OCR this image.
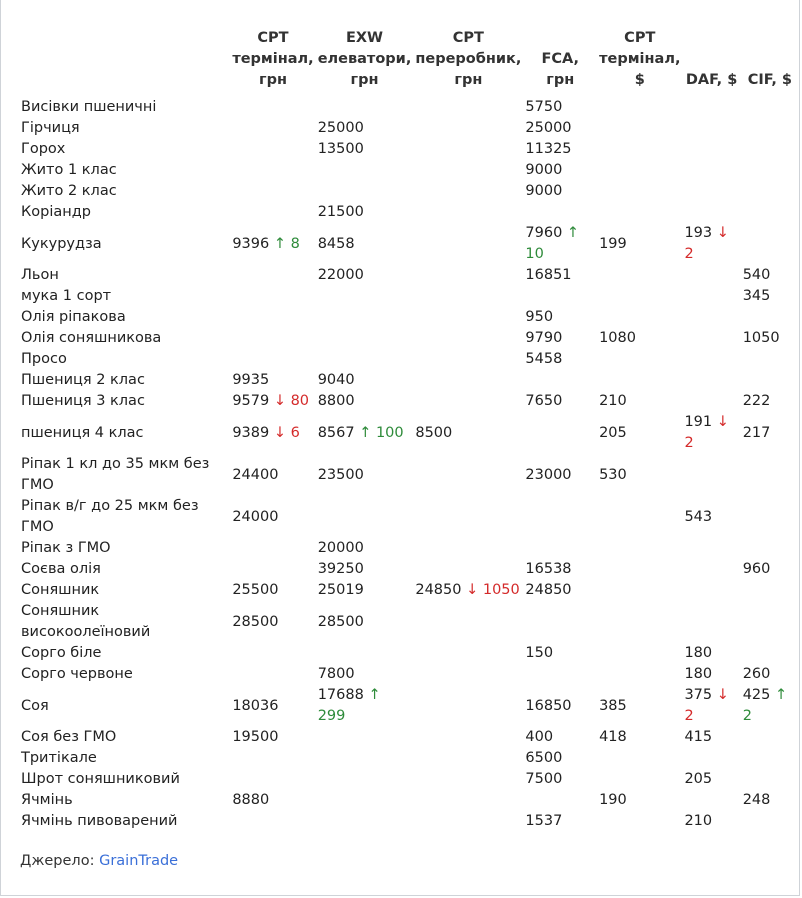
	CPT термінал, грн	EXW елеватори, грн	CPT переробник, грн	FCA, грн	CPT термінал, $	DAF, $	CIF, $
Висівки пшеничні				5750			
Гірчиця		25000		25000			
Горох		13500		11325			
Жито 1 клас				9000			
Жито 2 клас				9000			
Коріандр		21500					
Кукурудза	9396 ↑ 8	8458		7960 ↑ 10	199	193 ↓ 2	
Льон		22000		16851			540
мука 1 сорт							345
Олія ріпакова				950			
Олія соняшникова				9790	1080		1050
Просо				5458			
Пшениця 2 клас	9935	9040					
Пшениця 3 клас	9579 ↓ 80	8800		7650	210		222
пшениця 4 клас	9389 ↓ 6	8567 ↑ 100	8500		205	191 ↓ 2	217
Ріпак 1 кл до 35 мкм без ГМО	24400	23500		23000	530		
Ріпак в/г до 25 мкм без ГМО	24000					543	
Ріпак з ГМО		20000					
Соєва олія		39250		16538			960
Соняшник	25500	25019	24850 ↓ 1050	24850			
Соняшник високоолеїновий	28500	28500					
Сорго біле				150		180	
Сорго червоне		7800				180	260
Соя	18036	17688 ↑ 299		16850	385	375 ↓ 2	425 ↑ 2
Соя без ГМО	19500			400	418	415	
Тритікале				6500			
Шрот соняшниковий				7500		205	
Ячмінь	8880				190		248
Ячмінь пивоварений				1537		210	
Джерело: GrainTrade
